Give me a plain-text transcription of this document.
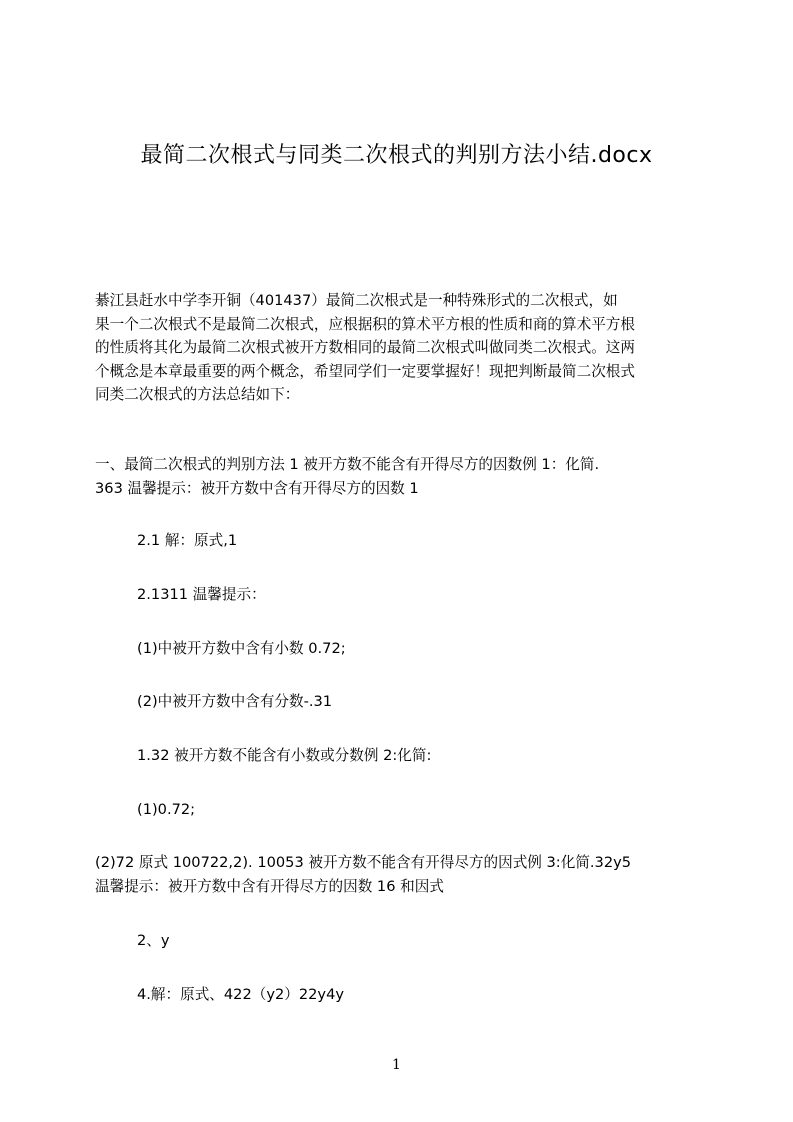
最简二次根式与同类二次根式的判别方法小结.docx

綦江县赶水中学李开铜（401437）最简二次根式是一种特殊形式的二次根式，如
果一个二次根式不是最简二次根式，应根据积的算术平方根的性质和商的算术平方根
的性质将其化为最简二次根式被开方数相同的最简二次根式叫做同类二次根式。这两
个概念是本章最重要的两个概念，希望同学们一定要掌握好！现把判断最简二次根式
同类二次根式的方法总结如下：

一、最简二次根式的判别方法 1 被开方数不能含有开得尽方的因数例 1：化简.
363 温馨提示：被开方数中含有开得尽方的因数 1

2.1 解：原式,1

2.1311 温馨提示：

(1)中被开方数中含有小数 0.72;

(2)中被开方数中含有分数-.31

1.32 被开方数不能含有小数或分数例 2:化简:

(1)0.72;

(2)72 原式 100722,2). 10053 被开方数不能含有开得尽方的因式例 3:化简.32y5
温馨提示：被开方数中含有开得尽方的因数 16 和因式

2、y

4.解：原式、422（y2）22y4y

1
